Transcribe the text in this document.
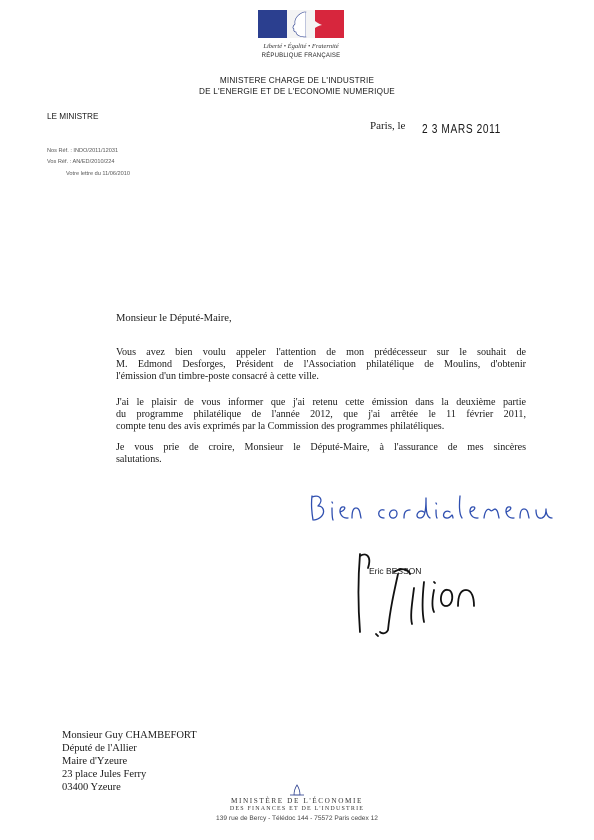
Liberté • Égalité • Fraternité
RÉPUBLIQUE FRANÇAISE
MINISTERE CHARGE DE L'INDUSTRIE
DE L'ENERGIE ET DE L'ECONOMIE NUMERIQUE
LE MINISTRE
Paris, le 2 3 MARS 2011
Nos Réf. : INDO/2011/12031
Vos Réf. : AN/ED/2010/224
Votre lettre du 11/06/2010
Monsieur le Député-Maire,
Vous avez bien voulu appeler l'attention de mon prédécesseur sur le souhait de
M. Edmond Desforges, Président de l'Association philatélique de Moulins, d'obtenir
l'émission d'un timbre-poste consacré à cette ville.
J'ai le plaisir de vous informer que j'ai retenu cette émission dans la deuxième partie
du programme philatélique de l'année 2012, que j'ai arrêtée le 11 février 2011,
compte tenu des avis exprimés par la Commission des programmes philatéliques.
Je vous prie de croire, Monsieur le Député-Maire, à l'assurance de mes sincères
salutations.
Eric BESSON
Monsieur Guy CHAMBEFORT
Député de l'Allier
Maire d'Yzeure
23 place Jules Ferry
03400 Yzeure
MINISTÈRE DE L'ÉCONOMIE
DES FINANCES ET DE L'INDUSTRIE
139 rue de Bercy - Télédoc 144 - 75572 Paris cedex 12
